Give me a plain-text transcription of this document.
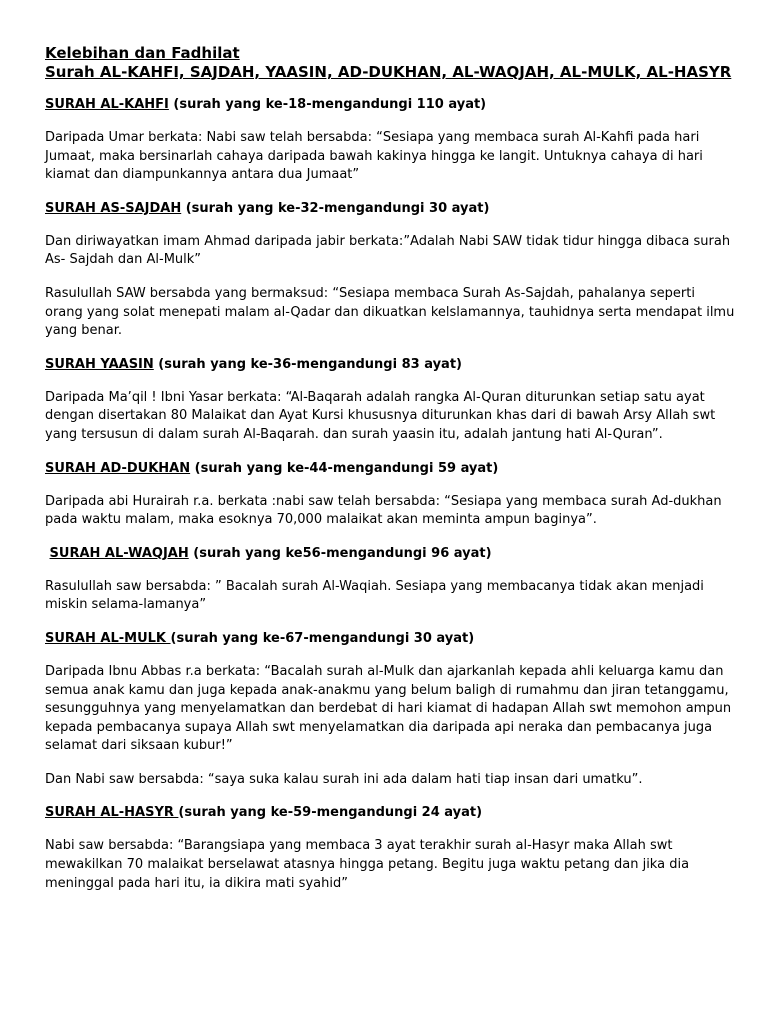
Kelebihan dan Fadhilat
Surah AL-KAHFI, SAJDAH, YAASIN, AD-DUKHAN, AL-WAQJAH, AL-MULK, AL-HASYR
SURAH AL-KAHFI (surah yang ke-18-mengandungi 110 ayat)

Daripada Umar berkata: Nabi saw telah bersabda: “Sesiapa yang membaca surah Al-Kahfi pada hari Jumaat, maka bersinarlah cahaya daripada bawah kakinya hingga ke langit. Untuknya cahaya di hari kiamat dan diampunkannya antara dua Jumaat”

SURAH AS-SAJDAH (surah yang ke-32-mengandungi 30 ayat)

Dan diriwayatkan imam Ahmad daripada jabir berkata:”Adalah Nabi SAW tidak tidur hingga dibaca surah As- Sajdah dan Al-Mulk”

Rasulullah SAW bersabda yang bermaksud: “Sesiapa membaca Surah As-Sajdah, pahalanya seperti orang yang solat menepati malam al-Qadar dan dikuatkan kelslamannya, tauhidnya serta mendapat ilmu yang benar.

SURAH YAASIN (surah yang ke-36-mengandungi 83 ayat)

Daripada Ma’qil ! Ibni Yasar berkata: “Al-Baqarah adalah rangka Al-Quran diturunkan setiap satu ayat dengan disertakan 80 Malaikat dan Ayat Kursi khususnya diturunkan khas dari di bawah Arsy Allah swt yang tersusun di dalam surah Al-Baqarah. dan surah yaasin itu, adalah jantung hati Al-Quran”.

SURAH AD-DUKHAN (surah yang ke-44-mengandungi 59 ayat)

Daripada abi Hurairah r.a. berkata :nabi saw telah bersabda: “Sesiapa yang membaca surah Ad-dukhan pada waktu malam, maka esoknya 70,000 malaikat akan meminta ampun baginya”.

SURAH AL-WAQJAH (surah yang ke56-mengandungi 96 ayat)

Rasulullah saw bersabda: ” Bacalah surah Al-Waqiah. Sesiapa yang membacanya tidak akan menjadi miskin selama-lamanya”

SURAH AL-MULK (surah yang ke-67-mengandungi 30 ayat)

Daripada Ibnu Abbas r.a berkata: “Bacalah surah al-Mulk dan ajarkanlah kepada ahli keluarga kamu dan semua anak kamu dan juga kepada anak-anakmu yang belum baligh di rumahmu dan jiran tetanggamu, sesungguhnya yang menyelamatkan dan berdebat di hari kiamat di hadapan Allah swt memohon ampun kepada pembacanya supaya Allah swt menyelamatkan dia daripada api neraka dan pembacanya juga selamat dari siksaan kubur!”

Dan Nabi saw bersabda: “saya suka kalau surah ini ada dalam hati tiap insan dari umatku”.

SURAH AL-HASYR (surah yang ke-59-mengandungi 24 ayat)

Nabi saw bersabda: “Barangsiapa yang membaca 3 ayat terakhir surah al-Hasyr maka Allah swt mewakilkan 70 malaikat berselawat atasnya hingga petang. Begitu juga waktu petang dan jika dia meninggal pada hari itu, ia dikira mati syahid”
